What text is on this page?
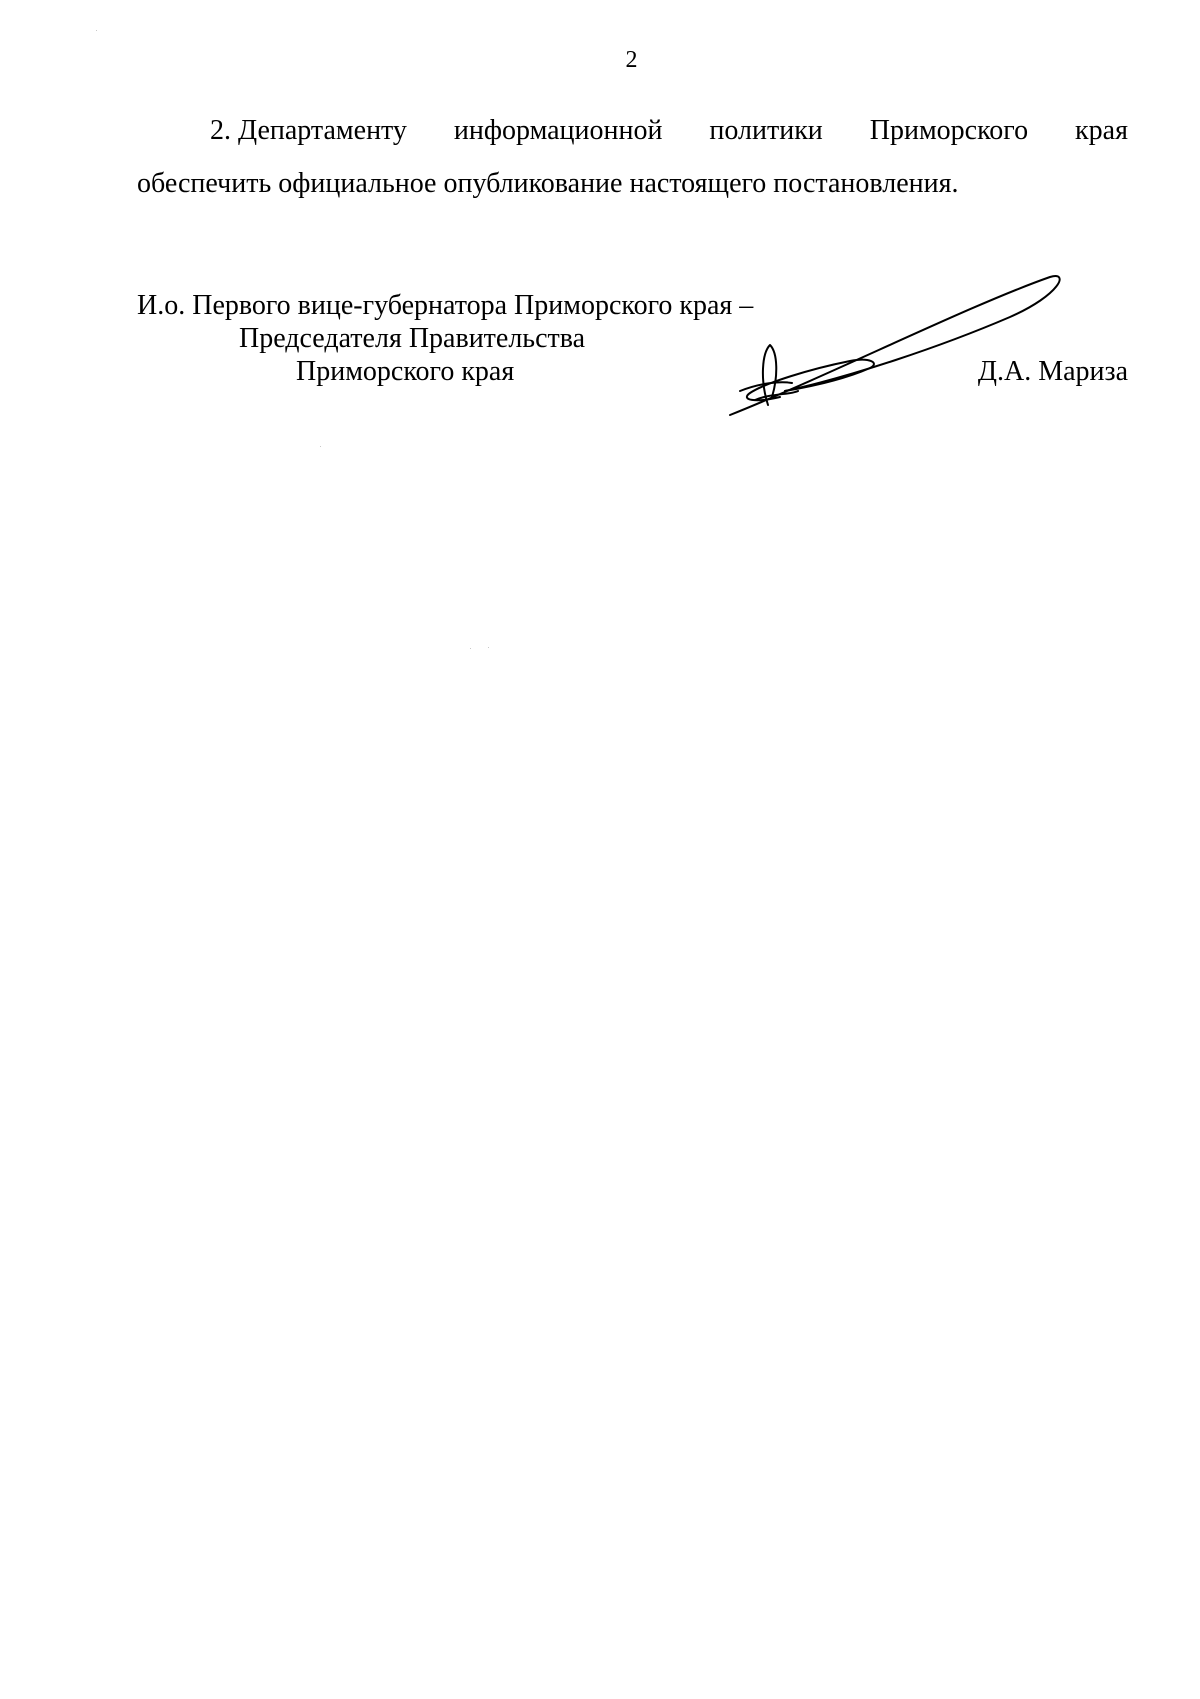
2
2. Департаменту информационной политики Приморского края
обеспечить официальное опубликование настоящего постановления.
И.о. Первого вице-губернатора Приморского края –
Председателя Правительства
Приморского края	Д.А. Мариза
